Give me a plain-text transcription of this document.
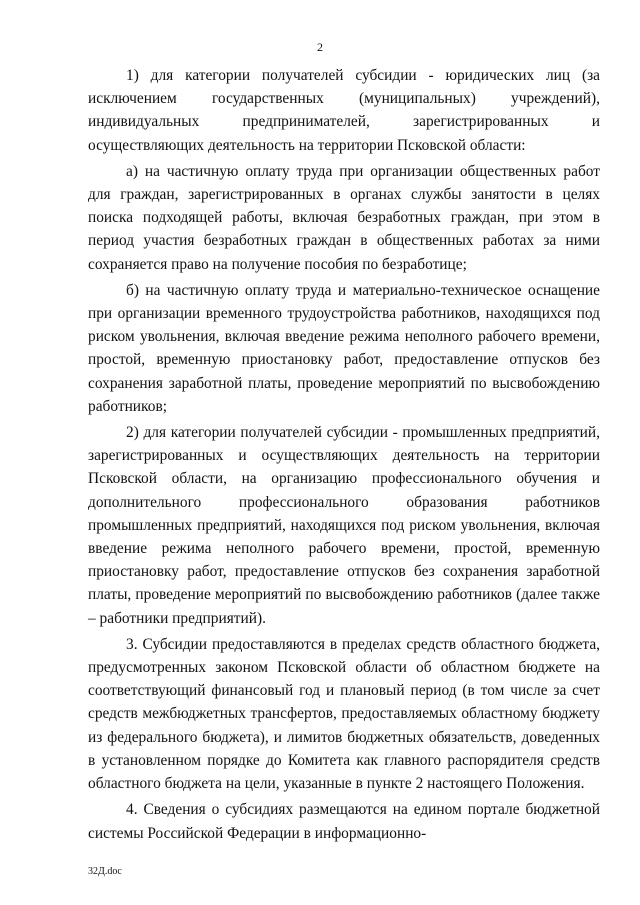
2

1) для категории получателей субсидии - юридических лиц (за исключением государственных (муниципальных) учреждений), индивидуальных предпринимателей, зарегистрированных и осуществляющих деятельность на территории Псковской области:

а) на частичную оплату труда при организации общественных работ для граждан, зарегистрированных в органах службы занятости в целях поиска подходящей работы, включая безработных граждан, при этом в период участия безработных граждан в общественных работах за ними сохраняется право на получение пособия по безработице;

б) на частичную оплату труда и материально-техническое оснащение при организации временного трудоустройства работников, находящихся под риском увольнения, включая введение режима неполного рабочего времени, простой, временную приостановку работ, предоставление отпусков без сохранения заработной платы, проведение мероприятий по высвобождению работников;

2) для категории получателей субсидии - промышленных предприятий, зарегистрированных и осуществляющих деятельность на территории Псковской области, на организацию профессионального обучения и дополнительного профессионального образования работников промышленных предприятий, находящихся под риском увольнения, включая введение режима неполного рабочего времени, простой, временную приостановку работ, предоставление отпусков без сохранения заработной платы, проведение мероприятий по высвобождению работников (далее также – работники предприятий).

3. Субсидии предоставляются в пределах средств областного бюджета, предусмотренных законом Псковской области об областном бюджете на соответствующий финансовый год и плановый период (в том числе за счет средств межбюджетных трансфертов, предоставляемых областному бюджету из федерального бюджета), и лимитов бюджетных обязательств, доведенных в установленном порядке до Комитета как главного распорядителя средств областного бюджета на цели, указанные в пункте 2 настоящего Положения.

4. Сведения о субсидиях размещаются на едином портале бюджетной системы Российской Федерации в информационно-

32Д.doc
